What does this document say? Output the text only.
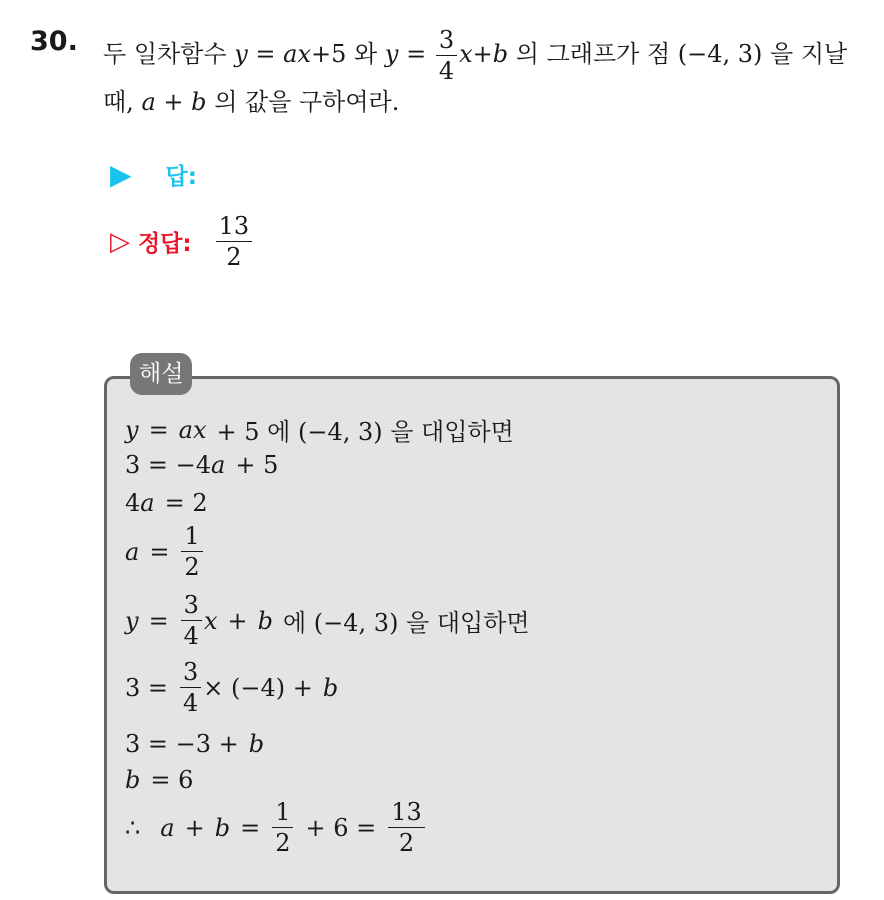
30. 두 일차함수 y = ax+5 와 $y = \frac{3}{4} x+b$ 의 그래프가 점 (−4, 3) 을 지날
때, a + b 의 값을 구하여라.
▶ 답:
▷ 정답: $\frac{13}{2}$
해설
y = ax + 5 에 (−4, 3) 을 대입하면
3 = −4 a + 5
4 a = 2
$a = \frac{1}{2}$
$y = \frac{3}{4}$ x + b 에 (−4, 3) 을 대입하면
$3 = \frac{3}{4} \times (-4) + b$
3 = −3 + b
b = 6
∴ $a + b = \frac{1}{2} + 6 = \frac{13}{2}$
